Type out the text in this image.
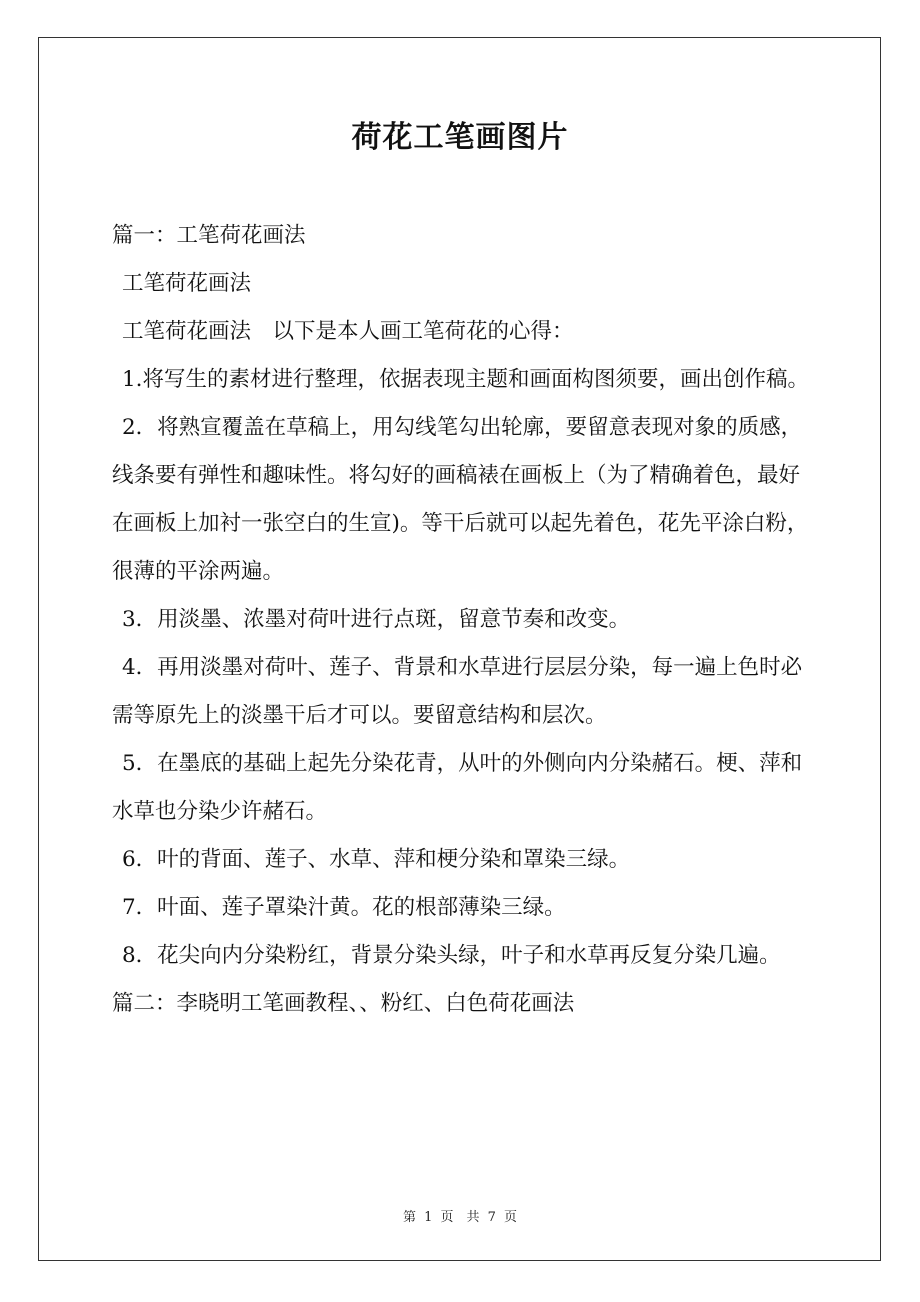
荷花工笔画图片

篇一：工笔荷花画法

工笔荷花画法

工笔荷花画法　以下是本人画工笔荷花的心得：

1.将写生的素材进行整理，依据表现主题和画面构图须要，画出创作稿。

2．将熟宣覆盖在草稿上，用勾线笔勾出轮廓，要留意表现对象的质感，线条要有弹性和趣味性。将勾好的画稿裱在画板上（为了精确着色，最好在画板上加衬一张空白的生宣)。等干后就可以起先着色，花先平涂白粉，很薄的平涂两遍。

3．用淡墨、浓墨对荷叶进行点斑，留意节奏和改变。

4．再用淡墨对荷叶、莲子、背景和水草进行层层分染，每一遍上色时必需等原先上的淡墨干后才可以。要留意结构和层次。

5．在墨底的基础上起先分染花青，从叶的外侧向内分染赭石。梗、萍和水草也分染少许赭石。

6．叶的背面、莲子、水草、萍和梗分染和罩染三绿。

7．叶面、莲子罩染汁黄。花的根部薄染三绿。

8．花尖向内分染粉红，背景分染头绿，叶子和水草再反复分染几遍。

篇二：李晓明工笔画教程、、粉红、白色荷花画法

第 1 页　共 7 页
